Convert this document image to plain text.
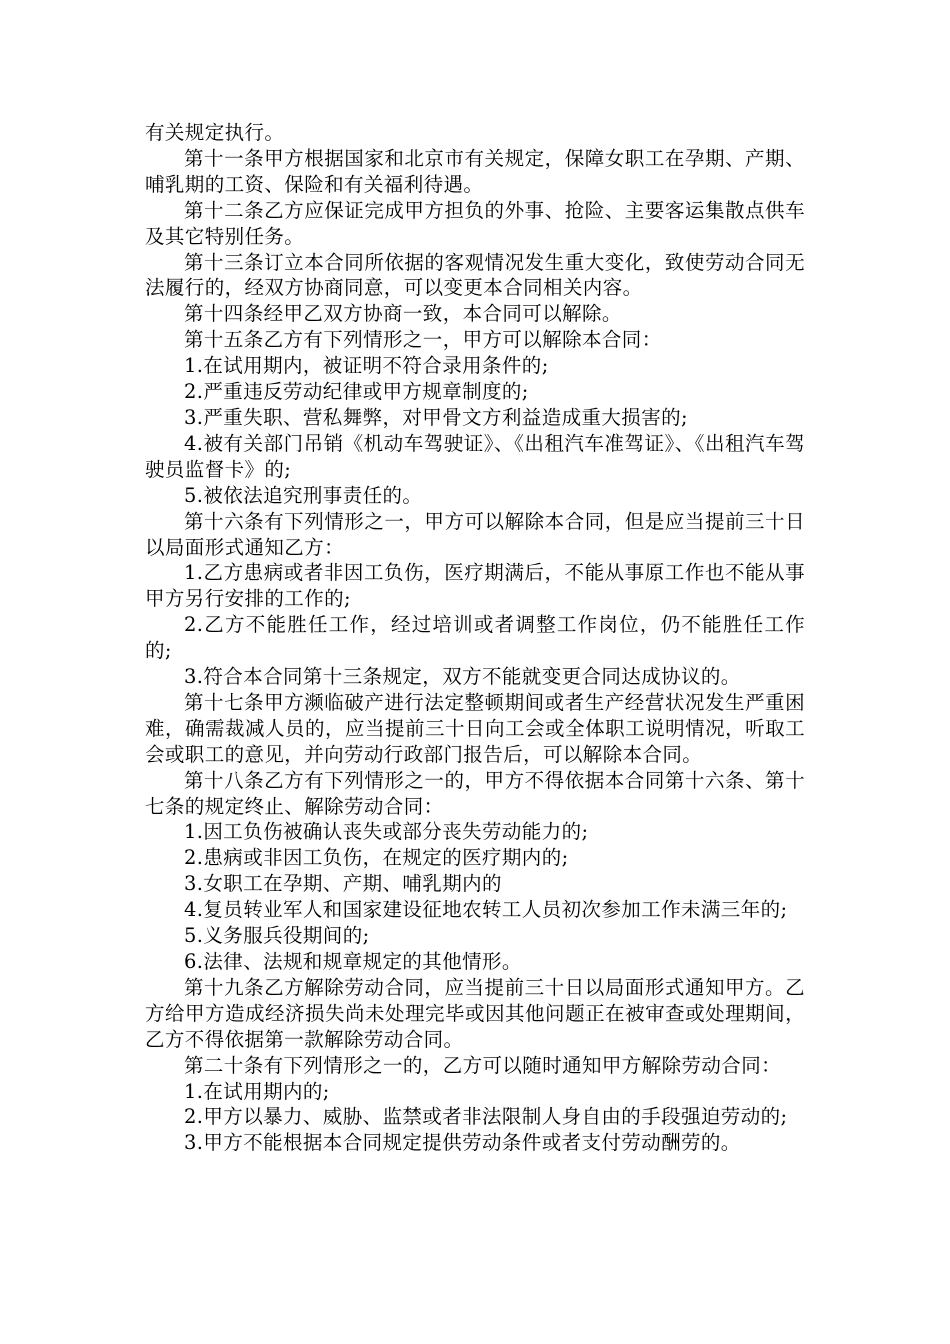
有关规定执行。

第十一条甲方根据国家和北京市有关规定，保障女职工在孕期、产期、哺乳期的工资、保险和有关福利待遇。

第十二条乙方应保证完成甲方担负的外事、抢险、主要客运集散点供车及其它特别任务。

第十三条订立本合同所依据的客观情况发生重大变化，致使劳动合同无法履行的，经双方协商同意，可以变更本合同相关内容。

第十四条经甲乙双方协商一致，本合同可以解除。

第十五条乙方有下列情形之一，甲方可以解除本合同：

1.在试用期内，被证明不符合录用条件的;

2.严重违反劳动纪律或甲方规章制度的;

3.严重失职、营私舞弊，对甲骨文方利益造成重大损害的;

4.被有关部门吊销《机动车驾驶证》、《出租汽车准驾证》、《出租汽车驾驶员监督卡》的;

5.被依法追究刑事责任的。

第十六条有下列情形之一，甲方可以解除本合同，但是应当提前三十日以局面形式通知乙方：

1.乙方患病或者非因工负伤，医疗期满后，不能从事原工作也不能从事甲方另行安排的工作的;

2.乙方不能胜任工作，经过培训或者调整工作岗位，仍不能胜任工作的;

3.符合本合同第十三条规定，双方不能就变更合同达成协议的。

第十七条甲方濒临破产进行法定整顿期间或者生产经营状况发生严重困难，确需裁减人员的，应当提前三十日向工会或全体职工说明情况，听取工会或职工的意见，并向劳动行政部门报告后，可以解除本合同。

第十八条乙方有下列情形之一的，甲方不得依据本合同第十六条、第十七条的规定终止、解除劳动合同：

1.因工负伤被确认丧失或部分丧失劳动能力的;

2.患病或非因工负伤，在规定的医疗期内的;

3.女职工在孕期、产期、哺乳期内的

4.复员转业军人和国家建设征地农转工人员初次参加工作未满三年的;

5.义务服兵役期间的;

6.法律、法规和规章规定的其他情形。

第十九条乙方解除劳动合同，应当提前三十日以局面形式通知甲方。乙方给甲方造成经济损失尚未处理完毕或因其他问题正在被审查或处理期间，乙方不得依据第一款解除劳动合同。

第二十条有下列情形之一的，乙方可以随时通知甲方解除劳动合同：

1.在试用期内的;

2.甲方以暴力、威胁、监禁或者非法限制人身自由的手段强迫劳动的;

3.甲方不能根据本合同规定提供劳动条件或者支付劳动酬劳的。
